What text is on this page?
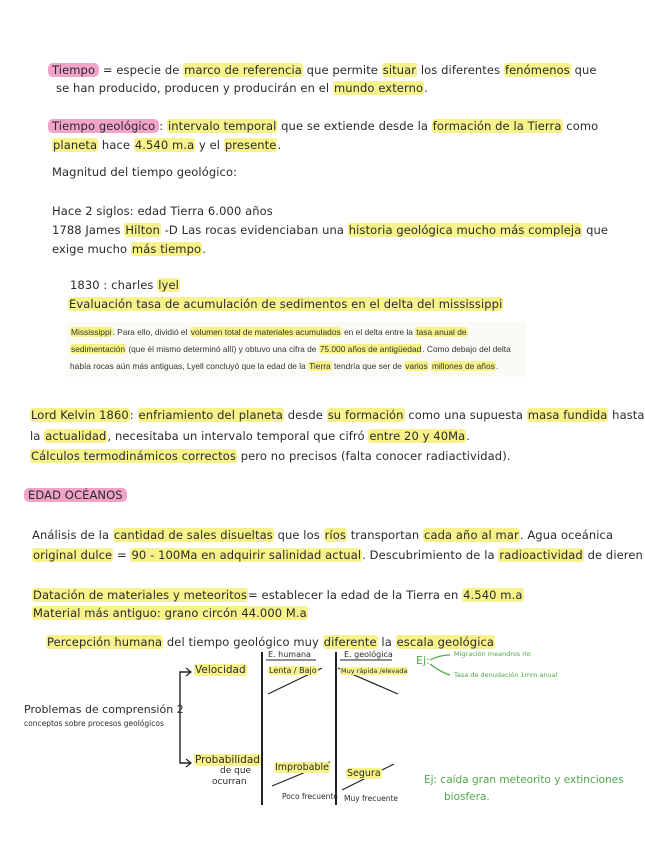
Tiempo = especie de marco de referencia que permite situar los diferentes fenómenos que
se han producido, producen y producirán en el mundo externo.
Tiempo geológico : intervalo temporal que se extiende desde la formación de la Tierra como
planeta hace 4.540 m.a y el presente.
Magnitud del tiempo geológico:
Hace 2 siglos: edad Tierra 6.000 años
1788 James Hilton -D Las rocas evidenciaban una historia geológica mucho más compleja que
exige mucho más tiempo.
1830 : charles lyel
Evaluación tasa de acumulación de sedimentos en el delta del mississippi
Mississippi. Para ello, dividió el volumen total de materiales acumulados en el delta entre la tasa anual de sedimentación (que él mismo determinó allí) y obtuvo una cifra de 75.000 años de antigüedad. Como debajo del delta había rocas aún más antiguas, Lyell concluyó que la edad de la Tierra tendría que ser de varios millones de años.
Lord Kelvin 1860: enfriamiento del planeta desde su formación como una supuesta masa fundida hasta
la actualidad, necesitaba un intervalo temporal que cifró entre 20 y 40Ma.
Cálculos termodinámicos correctos pero no precisos (falta conocer radiactividad).
EDAD OCÉANOS
Análisis de la cantidad de sales disueltas que los ríos transportan cada año al mar. Agua oceánica
original dulce = 90 - 100Ma en adquirir salinidad actual. Descubrimiento de la radioactividad de dieren
Datación de materiales y meteoritos= establecer la edad de la Tierra en 4.540 m.a
Material más antiguo: grano circón 44.000 M.a
Percepción humana del tiempo geológico muy diferente la escala geológica
Problemas de comprensión 2
conceptos sobre procesos geológicos
Velocidad
Probabilidad
de que
ocurran
E. humana	E. geológica
Lenta / Bajo	Muy rápida /elevada
Improbable
Poco frecuente
Segura
Muy frecuente
Ej:	Migración meandros río
Tasa de denudación 1mm anual
Ej: caída gran meteorito y extinciones
biosfera.
